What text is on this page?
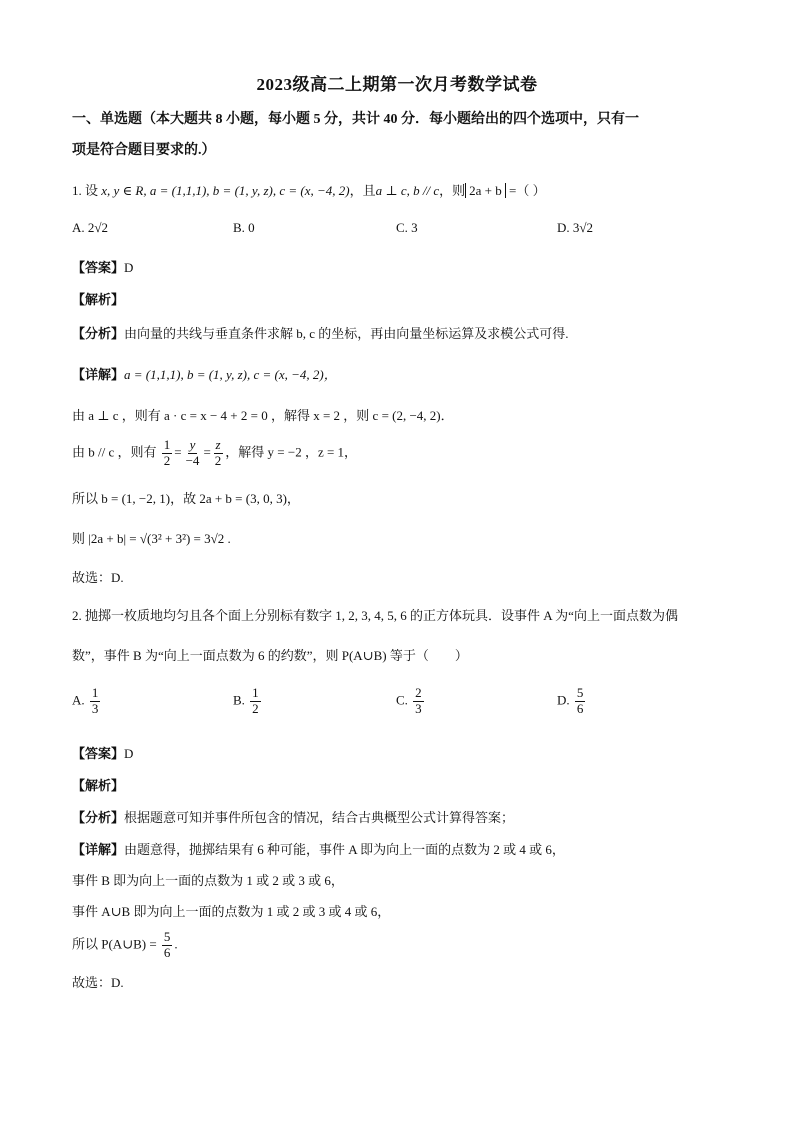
2023级高二上期第一次月考数学试卷
一、单选题（本大题共 8 小题，每小题 5 分，共计 40 分．每小题给出的四个选项中，只有一
项是符合题目要求的.）
1. 设 x, y ∈ R, a = (1,1,1), b = (1, y, z), c = (x, −4, 2)，且a ⊥ c, b // c，则 2a + b =（ ）
A. 2√2	B. 0	C. 3	D. 3√2
【答案】D
【解析】
【分析】由向量的共线与垂直条件求解 b, c 的坐标，再由向量坐标运算及求模公式可得.
【详解】a = (1,1,1), b = (1, y, z), c = (x, −4, 2)，
由 a ⊥ c ，则有 a · c = x − 4 + 2 = 0 ，解得 x = 2 ，则 c = (2, −4, 2)．
由 b // c ，则有 $\frac{1}{2} = \frac{y}{-4} = \frac{z}{2}$ ，解得 y = −2 ，z = 1，
所以 b = (1, −2, 1)，故 2a + b = (3, 0, 3)，
则 |2a + b| = √(3² + 3²) = 3√2 .
故选：D.
2. 抛掷一枚质地均匀且各个面上分别标有数字 1, 2, 3, 4, 5, 6 的正方体玩具．设事件 A 为“向上一面点数为偶
数”，事件 B 为“向上一面点数为 6 的约数”，则 P(A∪B) 等于（　　）
A. $\frac{1}{3}$	B. $\frac{1}{2}$	C. $\frac{2}{3}$	D. $\frac{5}{6}$
【答案】D
【解析】
【分析】根据题意可知并事件所包含的情况，结合古典概型公式计算得答案；
【详解】由题意得，抛掷结果有 6 种可能，事件 A 即为向上一面的点数为 2 或 4 或 6，
事件 B 即为向上一面的点数为 1 或 2 或 3 或 6，
事件 A∪B 即为向上一面的点数为 1 或 2 或 3 或 4 或 6，
所以 P(A∪B) = $\frac{5}{6}$ .
故选：D.
